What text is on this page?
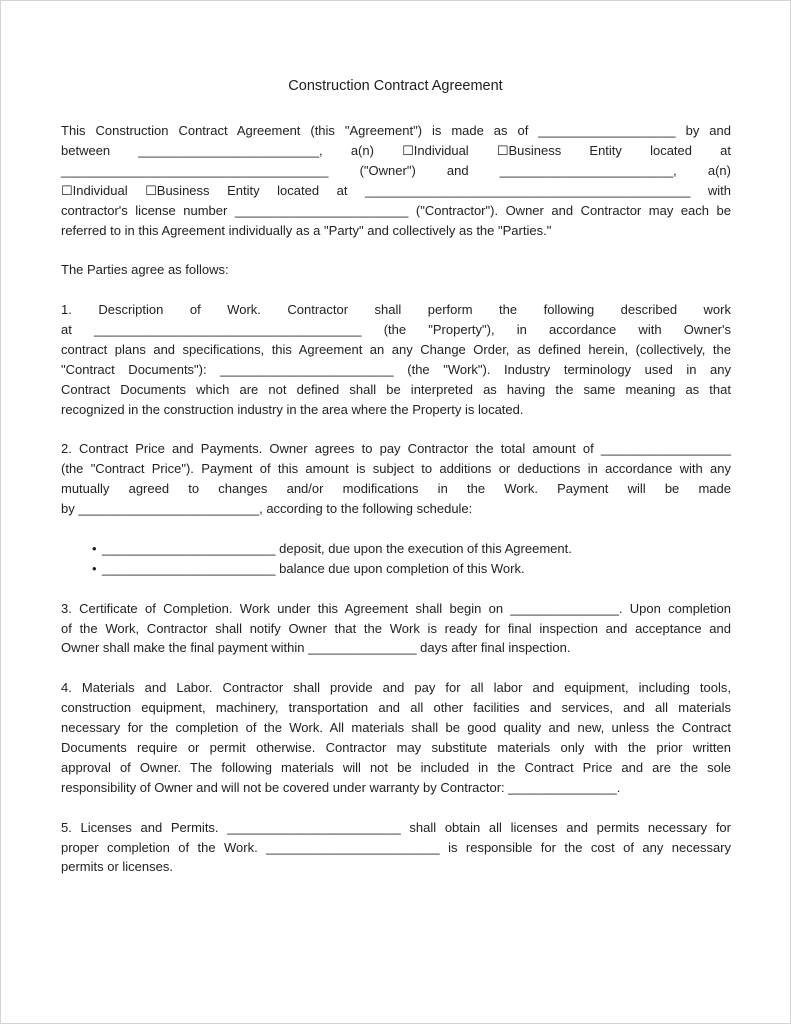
Construction Contract Agreement
This Construction Contract Agreement (this "Agreement") is made as of ___________________ by and
between _________________________, a(n) ☐Individual ☐Business Entity located at
_____________________________________ ("Owner") and ________________________, a(n)
☐Individual ☐Business Entity located at _____________________________________________ with
contractor's license number ________________________ ("Contractor"). Owner and Contractor may each be
referred to in this Agreement individually as a "Party" and collectively as the "Parties."
The Parties agree as follows:
1. Description of Work. Contractor shall perform the following described work
at _____________________________________ (the "Property"), in accordance with Owner's
contract plans and specifications, this Agreement an any Change Order, as defined herein, (collectively, the
"Contract Documents"): ________________________ (the "Work"). Industry terminology used in any
Contract Documents which are not defined shall be interpreted as having the same meaning as that
recognized in the construction industry in the area where the Property is located.
2. Contract Price and Payments. Owner agrees to pay Contractor the total amount of __________________
(the "Contract Price"). Payment of this amount is subject to additions or deductions in accordance with any
mutually agreed to changes and/or modifications in the Work. Payment will be made
by _________________________, according to the following schedule:
• ________________________ deposit, due upon the execution of this Agreement.
• ________________________ balance due upon completion of this Work.
3. Certificate of Completion. Work under this Agreement shall begin on _______________. Upon completion
of the Work, Contractor shall notify Owner that the Work is ready for final inspection and acceptance and
Owner shall make the final payment within _______________ days after final inspection.
4. Materials and Labor. Contractor shall provide and pay for all labor and equipment, including tools,
construction equipment, machinery, transportation and all other facilities and services, and all materials
necessary for the completion of the Work. All materials shall be good quality and new, unless the Contract
Documents require or permit otherwise. Contractor may substitute materials only with the prior written
approval of Owner. The following materials will not be included in the Contract Price and are the sole
responsibility of Owner and will not be covered under warranty by Contractor: _______________.
5. Licenses and Permits. ________________________ shall obtain all licenses and permits necessary for
proper completion of the Work. ________________________ is responsible for the cost of any necessary
permits or licenses.
